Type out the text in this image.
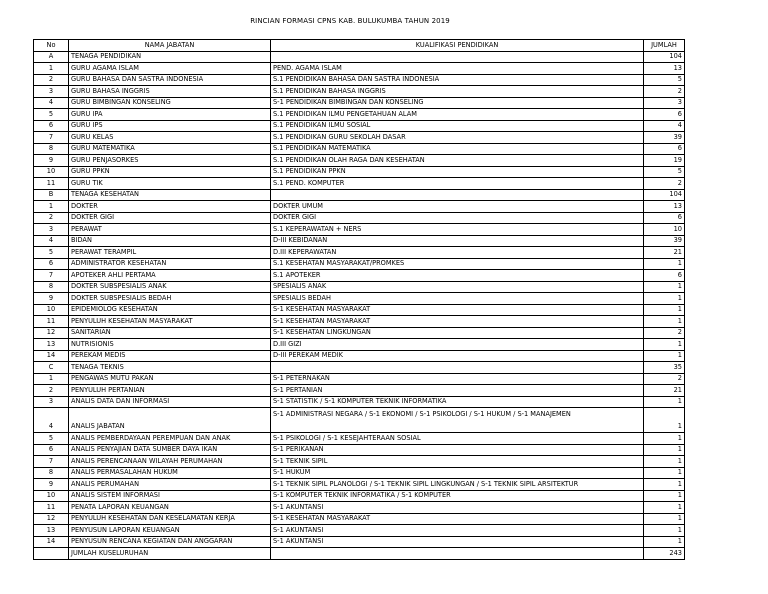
RINCIAN FORMASI CPNS KAB. BULUKUMBA TAHUN 2019
No	NAMA JABATAN	KUALIFIKASI PENDIDIKAN	JUMLAH
A	TENAGA PENDIDIKAN		104
1	GURU AGAMA ISLAM	PEND. AGAMA ISLAM	13
2	GURU BAHASA DAN SASTRA INDONESIA	S.1 PENDIDIKAN BAHASA DAN SASTRA INDONESIA	5
3	GURU BAHASA INGGRIS	S.1 PENDIDIKAN BAHASA INGGRIS	2
4	GURU BIMBINGAN KONSELING	S-1 PENDIDIKAN BIMBINGAN DAN KONSELING	3
5	GURU IPA	S.1 PENDIDIKAN ILMU PENGETAHUAN ALAM	6
6	GURU IPS	S.1 PENDIDIKAN ILMU SOSIAL	4
7	GURU KELAS	S.1 PENDIDIKAN GURU SEKOLAH DASAR	39
8	GURU MATEMATIKA	S.1 PENDIDIKAN MATEMATIKA	6
9	GURU PENJASORKES	S.1 PENDIDIKAN OLAH RAGA DAN KESEHATAN	19
10	GURU PPKN	S.1 PENDIDIKAN PPKN	5
11	GURU TIK	S.1 PEND. KOMPUTER	2
B	TENAGA KESEHATAN		104
1	DOKTER	DOKTER UMUM	13
2	DOKTER GIGI	DOKTER GIGI	6
3	PERAWAT	S.1 KEPERAWATAN + NERS	10
4	BIDAN	D-III KEBIDANAN	39
5	PERAWAT TERAMPIL	D.III KEPERAWATAN	21
6	ADMINISTRATOR KESEHATAN	S.1 KESEHATAN MASYARAKAT/PROMKES	1
7	APOTEKER AHLI PERTAMA	S.1 APOTEKER	6
8	DOKTER SUBSPESIALIS ANAK	SPESIALIS ANAK	1
9	DOKTER SUBSPESIALIS BEDAH	SPESIALIS BEDAH	1
10	EPIDEMIOLOG KESEHATAN	S-1 KESEHATAN MASYARAKAT	1
11	PENYULUH KESEHATAN MASYARAKAT	S-1 KESEHATAN MASYARAKAT	1
12	SANITARIAN	S-1 KESEHATAN LINGKUNGAN	2
13	NUTRISIONIS	D.III GIZI	1
14	PEREKAM MEDIS	D-III PEREKAM MEDIK	1
C	TENAGA TEKNIS		35
1	PENGAWAS MUTU PAKAN	S-1 PETERNAKAN	2
2	PENYULUH PERTANIAN	S-1 PERTANIAN	21
3	ANALIS DATA DAN INFORMASI	S-1 STATISTIK / S-1 KOMPUTER TEKNIK INFORMATIKA	1
4	ANALIS JABATAN	S-1 ADMINISTRASI NEGARA / S-1 EKONOMI / S-1 PSIKOLOGI / S-1 HUKUM / S-1 MANAJEMEN	1
5	ANALIS PEMBERDAYAAN PEREMPUAN DAN ANAK	S-1 PSIKOLOGI / S-1 KESEJAHTERAAN SOSIAL	1
6	ANALIS PENYAJIAN DATA SUMBER DAYA IKAN	S-1 PERIKANAN	1
7	ANALIS PERENCANAAN WILAYAH PERUMAHAN	S-1 TEKNIK SIPIL	1
8	ANALIS PERMASALAHAN HUKUM	S-1 HUKUM	1
9	ANALIS PERUMAHAN	S-1 TEKNIK SIPIL PLANOLOGI / S-1 TEKNIK SIPIL LINGKUNGAN / S-1 TEKNIK SIPIL ARSITEKTUR	1
10	ANALIS SISTEM INFORMASI	S-1 KOMPUTER TEKNIK INFORMATIKA / S-1 KOMPUTER	1
11	PENATA LAPORAN KEUANGAN	S-1 AKUNTANSI	1
12	PENYULUH KESEHATAN DAN KESELAMATAN KERJA	S-1 KESEHATAN MASYARAKAT	1
13	PENYUSUN LAPORAN KEUANGAN	S-1 AKUNTANSI	1
14	PENYUSUN RENCANA KEGIATAN DAN ANGGARAN	S-1 AKUNTANSI	1
	JUMLAH KUSELURUHAN		243
